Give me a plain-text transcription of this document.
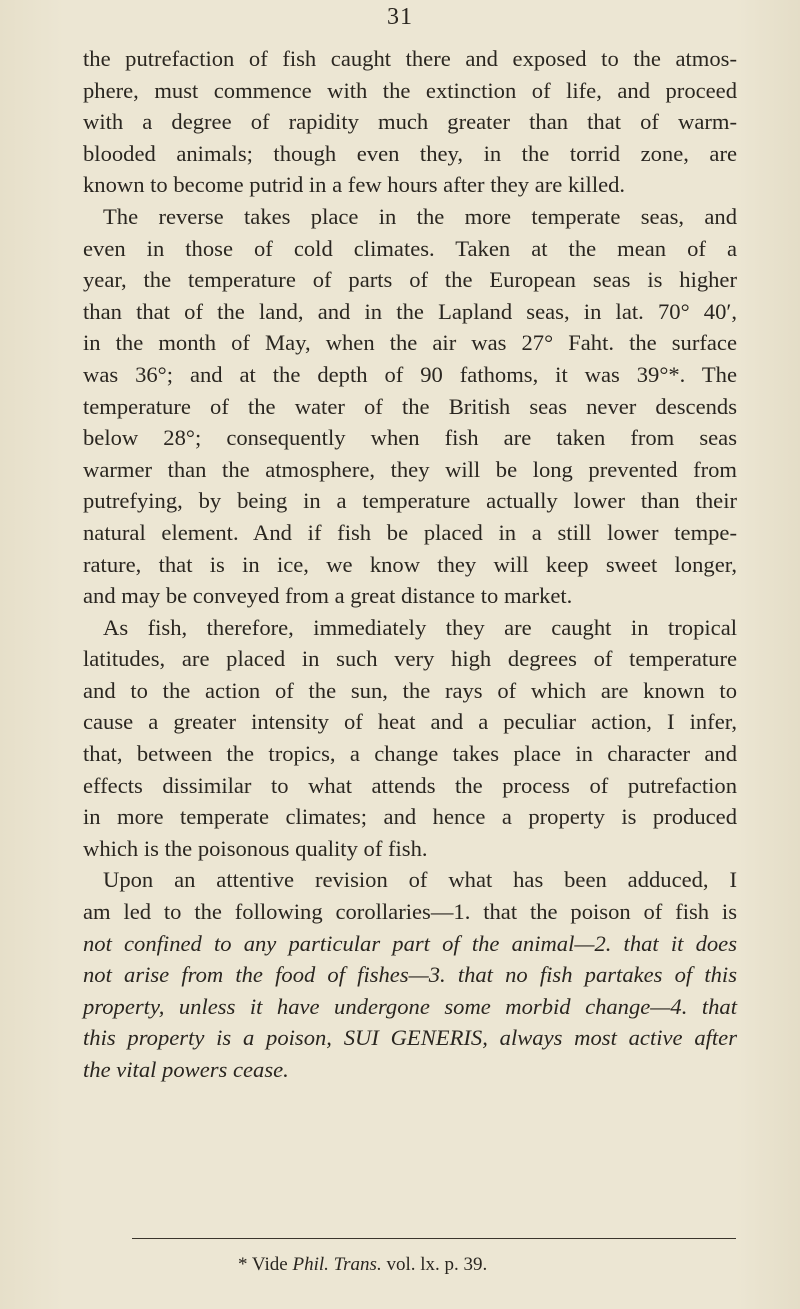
31
the putrefaction of fish caught there and exposed to the atmos-
phere, must commence with the extinction of life, and proceed
with a degree of rapidity much greater than that of warm-
blooded animals; though even they, in the torrid zone, are
known to become putrid in a few hours after they are killed.
The reverse takes place in the more temperate seas, and
even in those of cold climates. Taken at the mean of a
year, the temperature of parts of the European seas is higher
than that of the land, and in the Lapland seas, in lat. 70° 40′,
in the month of May, when the air was 27° Faht. the surface
was 36°; and at the depth of 90 fathoms, it was 39°*. The
temperature of the water of the British seas never descends
below 28°; consequently when fish are taken from seas
warmer than the atmosphere, they will be long prevented from
putrefying, by being in a temperature actually lower than their
natural element. And if fish be placed in a still lower tempe-
rature, that is in ice, we know they will keep sweet longer,
and may be conveyed from a great distance to market.
As fish, therefore, immediately they are caught in tropical
latitudes, are placed in such very high degrees of temperature
and to the action of the sun, the rays of which are known to
cause a greater intensity of heat and a peculiar action, I infer,
that, between the tropics, a change takes place in character and
effects dissimilar to what attends the process of putrefaction
in more temperate climates; and hence a property is produced
which is the poisonous quality of fish.
Upon an attentive revision of what has been adduced, I
am led to the following corollaries—1. that the poison of fish is
not confined to any particular part of the animal—2. that it does
not arise from the food of fishes—3. that no fish partakes of this
property, unless it have undergone some morbid change—4. that
this property is a poison, SUI GENERIS, always most active after
the vital powers cease.
* Vide Phil. Trans. vol. lx. p. 39.
